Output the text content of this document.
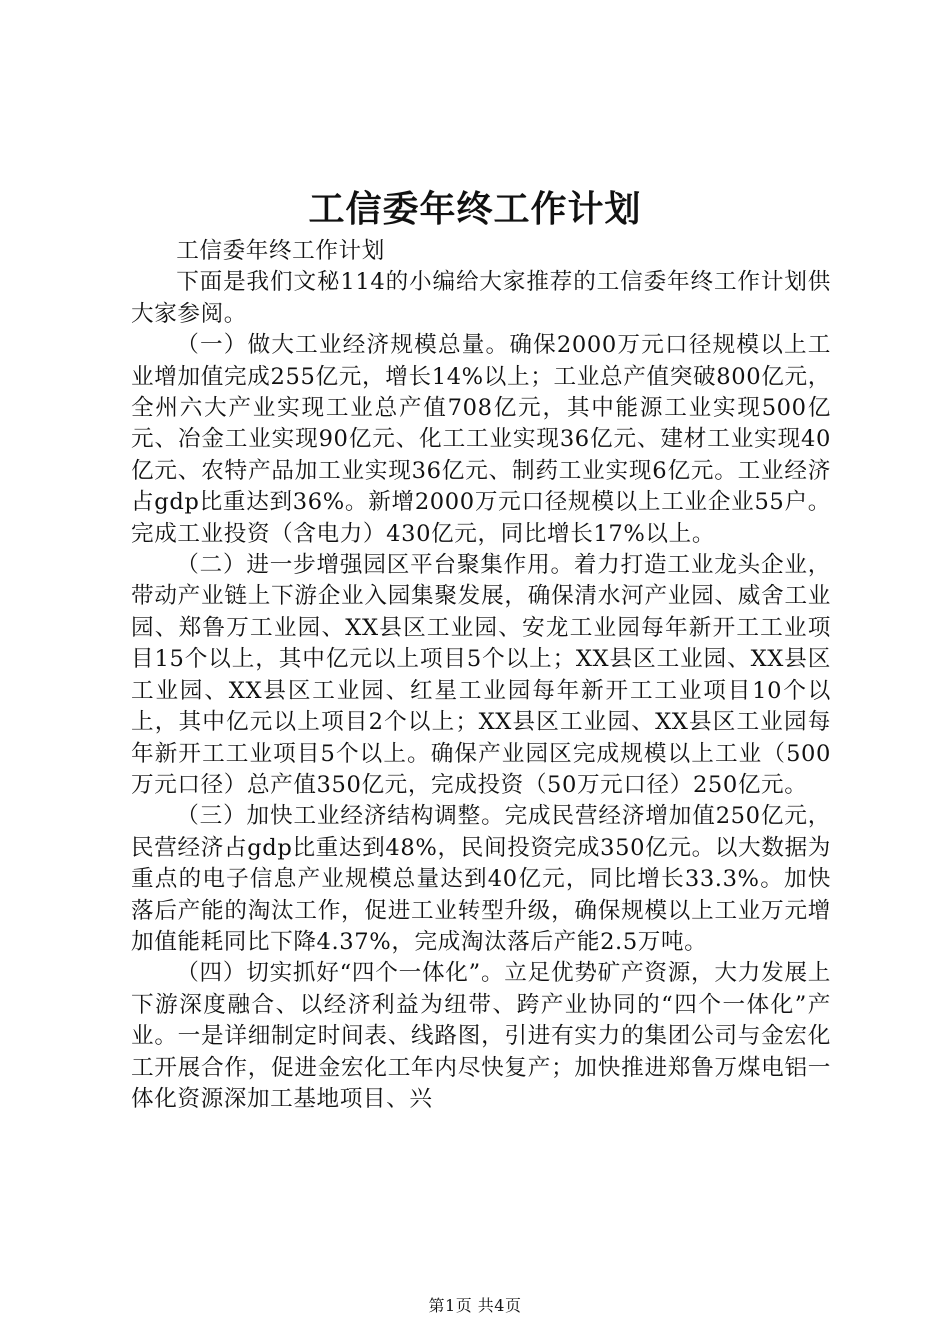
工信委年终工作计划

工信委年终工作计划

下面是我们文秘114的小编给大家推荐的工信委年终工作计划供大家参阅。

（一）做大工业经济规模总量。确保2000万元口径规模以上工业增加值完成255亿元，增长14%以上；工业总产值突破800亿元，全州六大产业实现工业总产值708亿元，其中能源工业实现500亿元、冶金工业实现90亿元、化工工业实现36亿元、建材工业实现40亿元、农特产品加工业实现36亿元、制药工业实现6亿元。工业经济占gdp比重达到36%。新增2000万元口径规模以上工业企业55户。完成工业投资（含电力）430亿元，同比增长17%以上。

（二）进一步增强园区平台聚集作用。着力打造工业龙头企业，带动产业链上下游企业入园集聚发展，确保清水河产业园、威舍工业园、郑鲁万工业园、XX县区工业园、安龙工业园每年新开工工业项目15个以上，其中亿元以上项目5个以上；XX县区工业园、XX县区工业园、XX县区工业园、红星工业园每年新开工工业项目10个以上，其中亿元以上项目2个以上；XX县区工业园、XX县区工业园每年新开工工业项目5个以上。确保产业园区完成规模以上工业（500万元口径）总产值350亿元，完成投资（50万元口径）250亿元。

（三）加快工业经济结构调整。完成民营经济增加值250亿元，民营经济占gdp比重达到48%，民间投资完成350亿元。以大数据为重点的电子信息产业规模总量达到40亿元，同比增长33.3%。加快落后产能的淘汰工作，促进工业转型升级，确保规模以上工业万元增加值能耗同比下降4.37%，完成淘汰落后产能2.5万吨。

（四）切实抓好“四个一体化”。立足优势矿产资源，大力发展上下游深度融合、以经济利益为纽带、跨产业协同的“四个一体化”产业。一是详细制定时间表、线路图，引进有实力的集团公司与金宏化工开展合作，促进金宏化工年内尽快复产；加快推进郑鲁万煤电铝一体化资源深加工基地项目、兴

第1页 共4页
